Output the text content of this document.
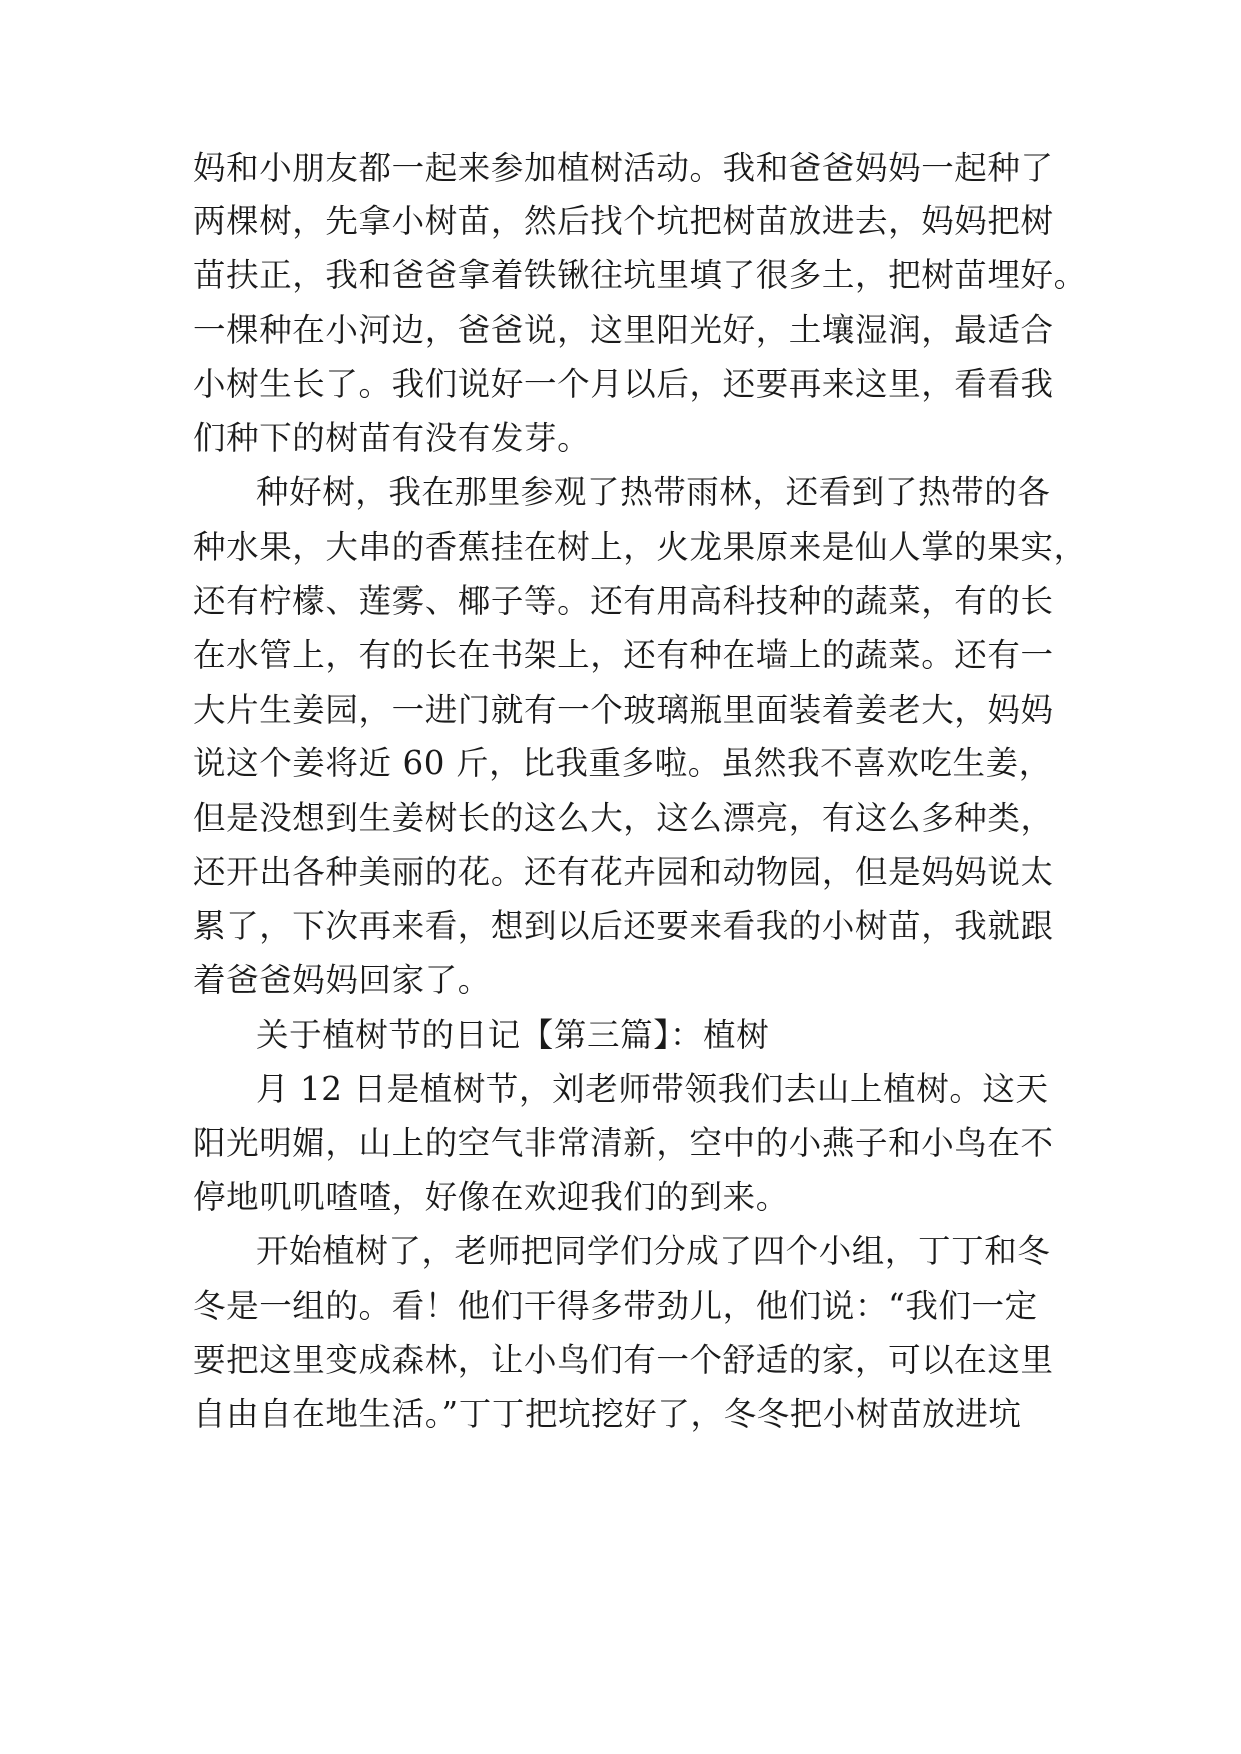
妈和小朋友都一起来参加植树活动。我和爸爸妈妈一起种了
两棵树，先拿小树苗，然后找个坑把树苗放进去，妈妈把树
苗扶正，我和爸爸拿着铁锹往坑里填了很多土，把树苗埋好。
一棵种在小河边，爸爸说，这里阳光好，土壤湿润，最适合
小树生长了。我们说好一个月以后，还要再来这里，看看我
们种下的树苗有没有发芽。
种好树，我在那里参观了热带雨林，还看到了热带的各
种水果，大串的香蕉挂在树上，火龙果原来是仙人掌的果实，
还有柠檬、莲雾、椰子等。还有用高科技种的蔬菜，有的长
在水管上，有的长在书架上，还有种在墙上的蔬菜。还有一
大片生姜园，一进门就有一个玻璃瓶里面装着姜老大，妈妈
说这个姜将近 60 斤，比我重多啦。虽然我不喜欢吃生姜，
但是没想到生姜树长的这么大，这么漂亮，有这么多种类，
还开出各种美丽的花。还有花卉园和动物园，但是妈妈说太
累了，下次再来看，想到以后还要来看我的小树苗，我就跟
着爸爸妈妈回家了。
关于植树节的日记【第三篇】：植树
月 12 日是植树节，刘老师带领我们去山上植树。这天
阳光明媚，山上的空气非常清新，空中的小燕子和小鸟在不
停地叽叽喳喳，好像在欢迎我们的到来。
开始植树了，老师把同学们分成了四个小组，丁丁和冬
冬是一组的。看！他们干得多带劲儿，他们说：“我们一定
要把这里变成森林，让小鸟们有一个舒适的家，可以在这里
自由自在地生活。”丁丁把坑挖好了，冬冬把小树苗放进坑
